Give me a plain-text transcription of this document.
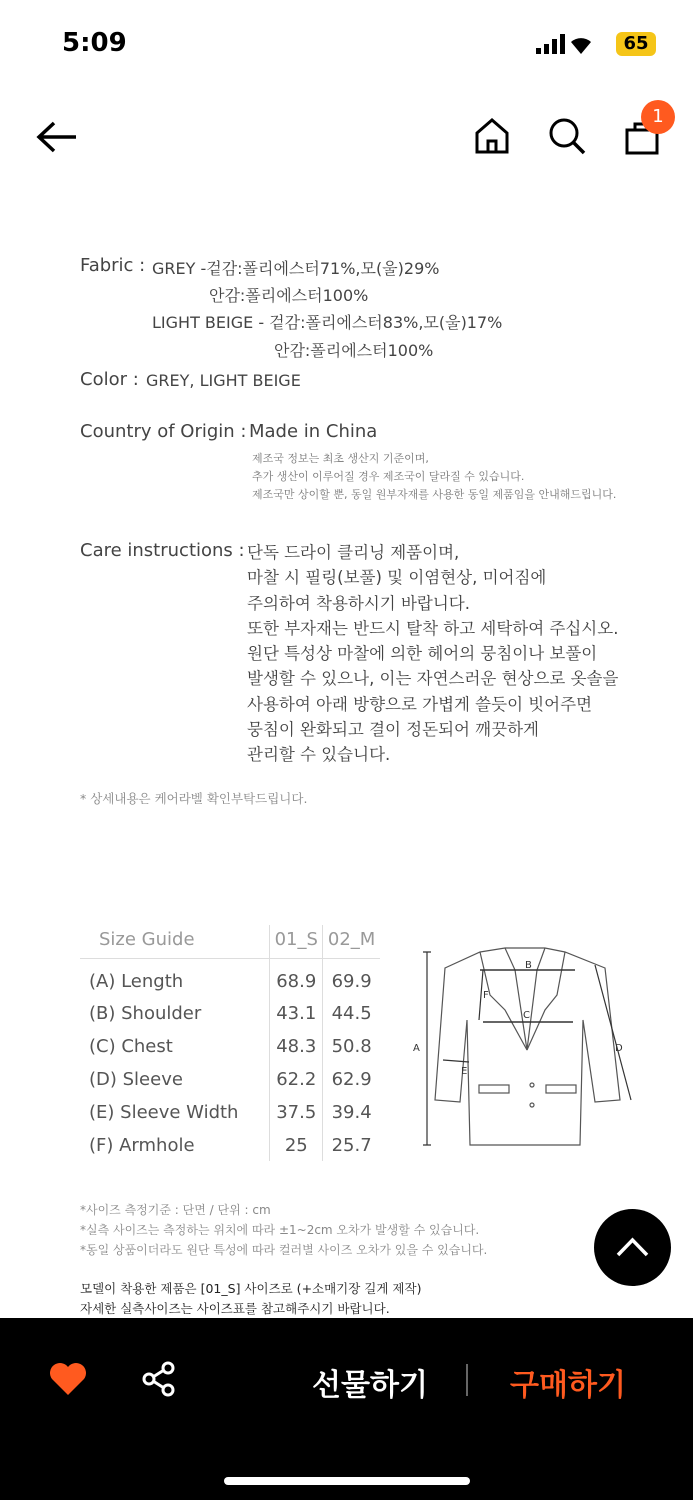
5:09	65
1
Fabric : GREY -겉감:폴리에스터71%,모(울)29%
안감:폴리에스터100%
LIGHT BEIGE - 겉감:폴리에스터83%,모(울)17%
안감:폴리에스터100%
Color : GREY, LIGHT BEIGE
Country of Origin : Made in China
제조국 정보는 최초 생산지 기준이며,
추가 생산이 이루어질 경우 제조국이 달라질 수 있습니다.
제조국만 상이할 뿐, 동일 원부자재를 사용한 동일 제품임을 안내해드립니다.
Care instructions : 단독 드라이 클리닝 제품이며,
마찰 시 필링(보풀) 및 이염현상, 미어짐에
주의하여 착용하시기 바랍니다.
또한 부자재는 반드시 탈착 하고 세탁하여 주십시오.
원단 특성상 마찰에 의한 헤어의 뭉침이나 보풀이
발생할 수 있으나, 이는 자연스러운 현상으로 옷솔을
사용하여 아래 방향으로 가볍게 쓸듯이 빗어주면
뭉침이 완화되고 결이 정돈되어 깨끗하게
관리할 수 있습니다.
* 상세내용은 케어라벨 확인부탁드립니다.
Size Guide	01_S	02_M
(A) Length	68.9	69.9
(B) Shoulder	43.1	44.5
(C) Chest	48.3	50.8
(D) Sleeve	62.2	62.9
(E) Sleeve Width	37.5	39.4
(F) Armhole	25	25.7
A
B
C
D
E
F
*사이즈 측정기준 : 단면 / 단위 : cm
*실측 사이즈는 측정하는 위치에 따라 ±1~2cm 오차가 발생할 수 있습니다.
*동일 상품이더라도 원단 특성에 따라 컬러별 사이즈 오차가 있을 수 있습니다.
모델이 착용한 제품은 [01_S] 사이즈로 (+소매기장 길게 제작)
자세한 실측사이즈는 사이즈표를 참고해주시기 바랍니다.
선물하기	구매하기
